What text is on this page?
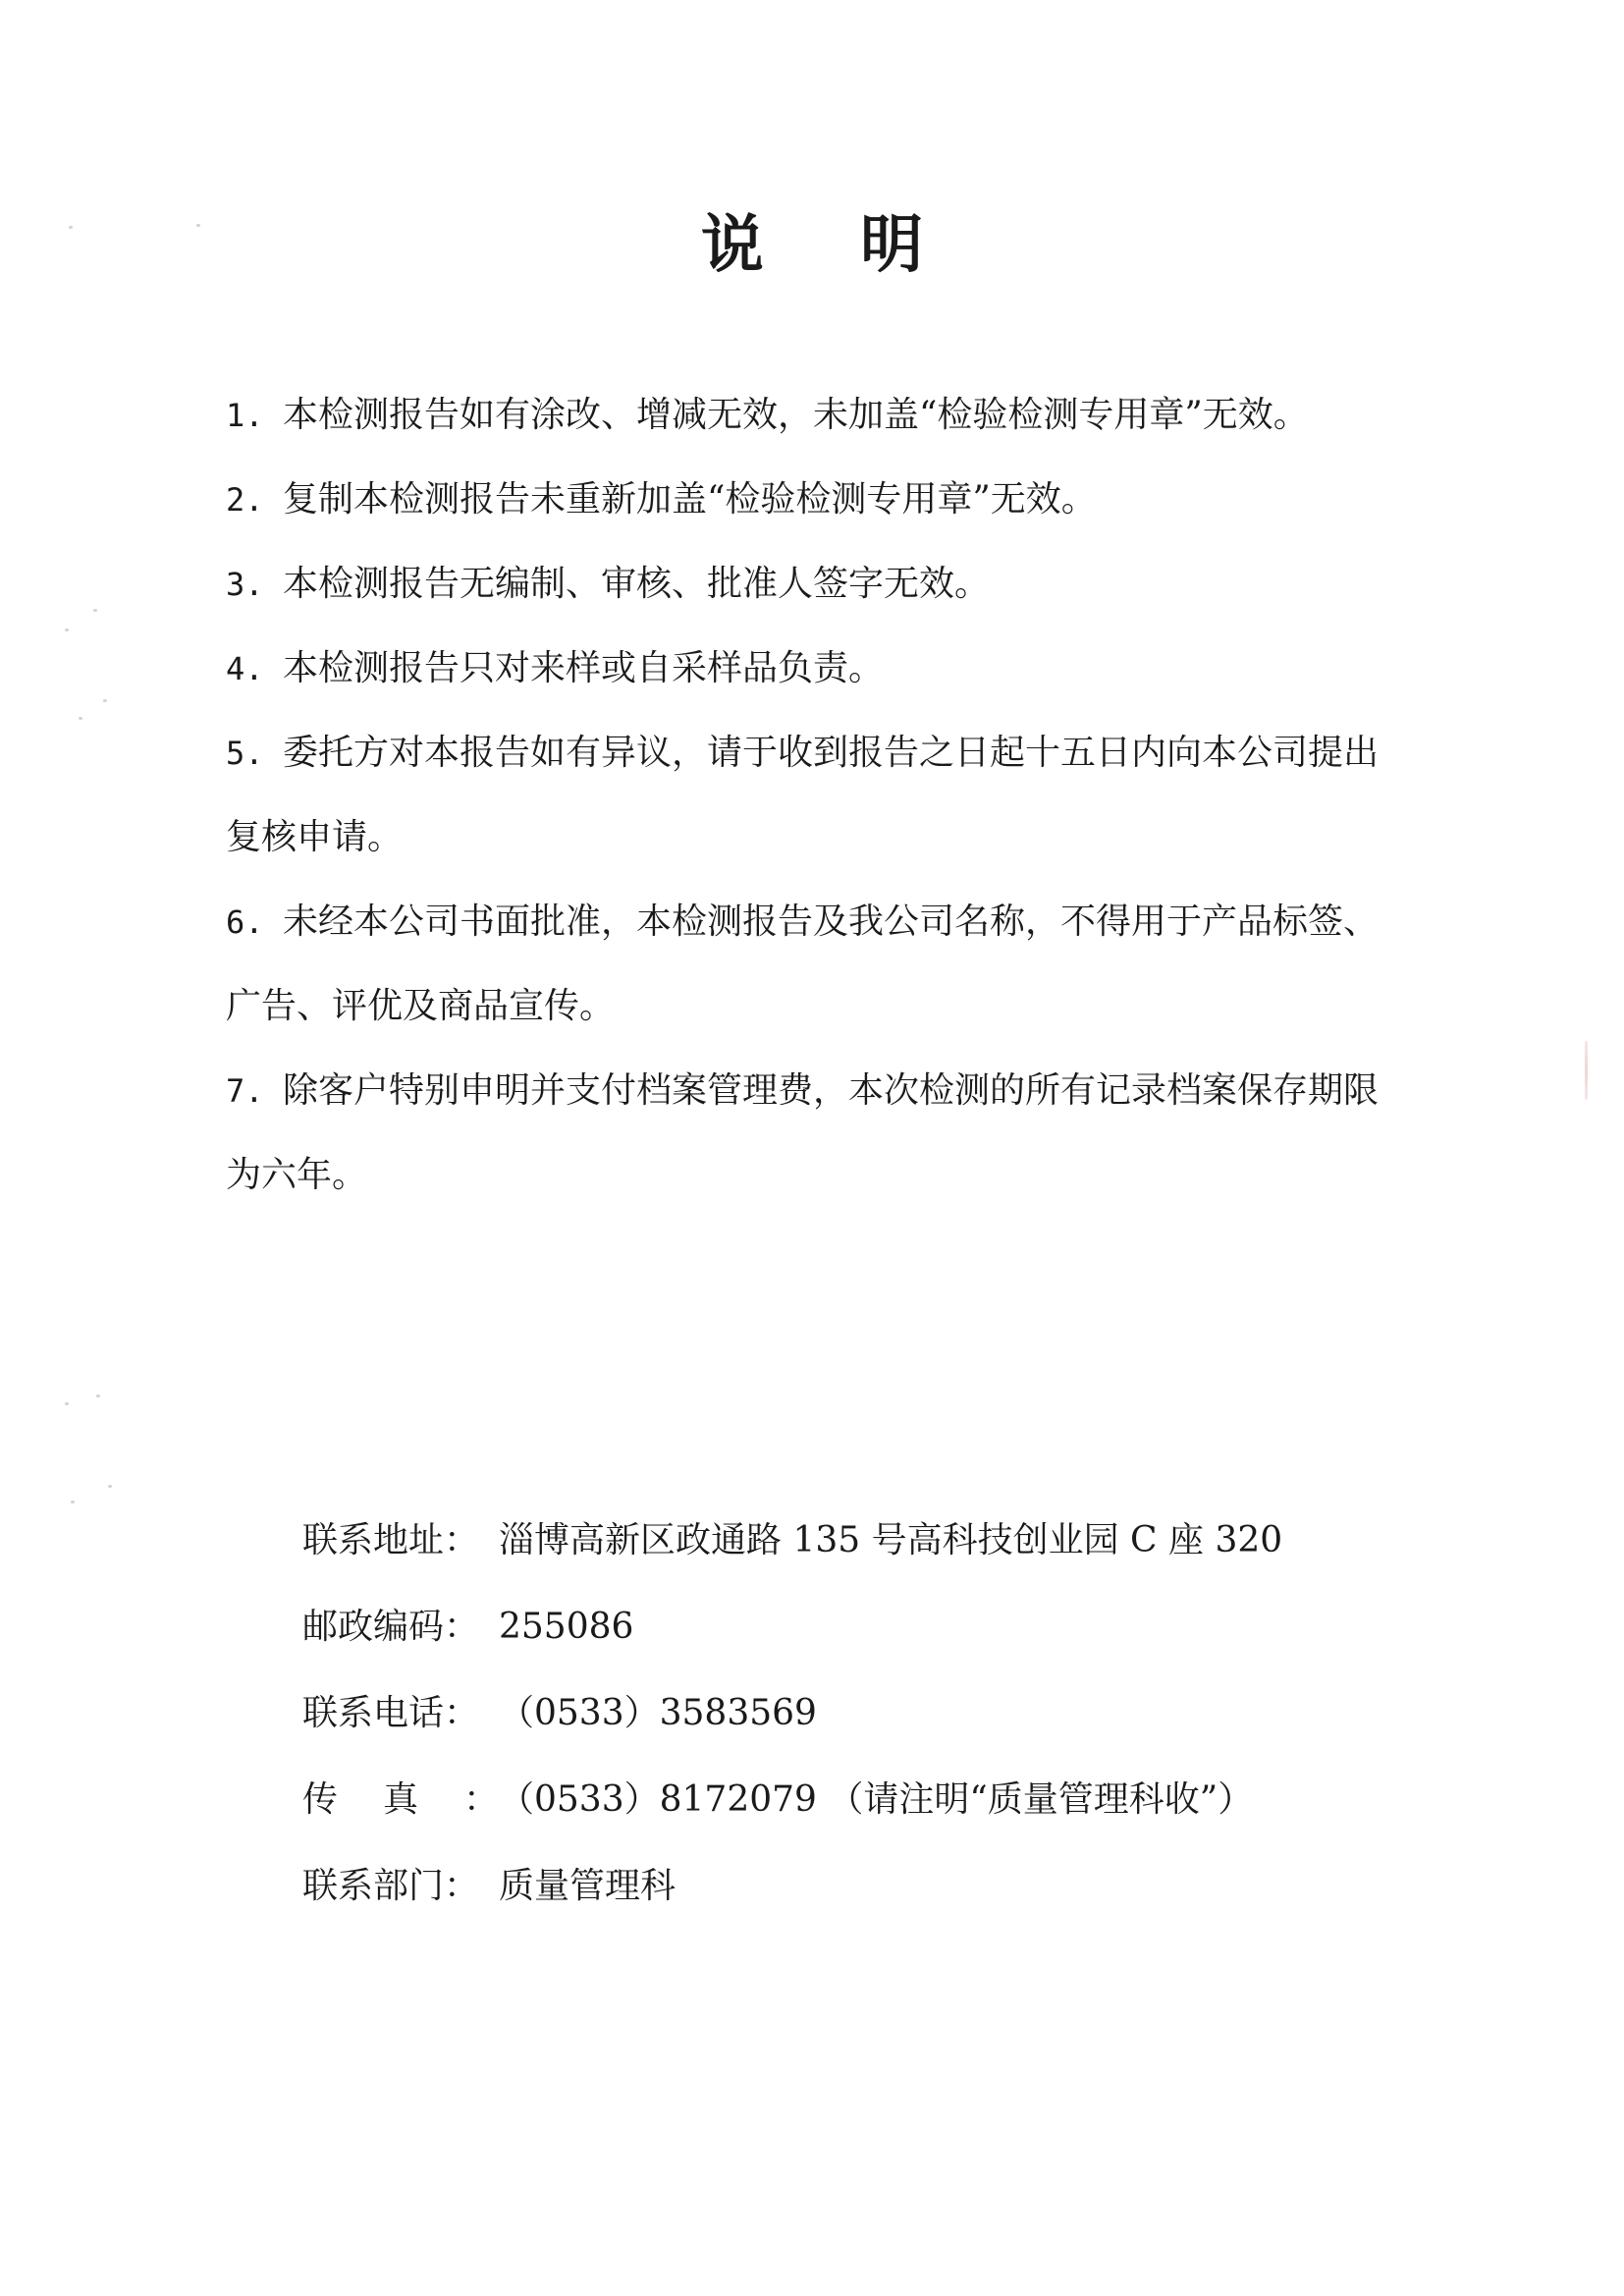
说 明
1. 本检测报告如有涂改、增减无效，未加盖“检验检测专用章”无效。
2. 复制本检测报告未重新加盖“检验检测专用章”无效。
3. 本检测报告无编制、审核、批准人签字无效。
4. 本检测报告只对来样或自采样品负责。
5. 委托方对本报告如有异议，请于收到报告之日起十五日内向本公司提出
复核申请。
6. 未经本公司书面批准，本检测报告及我公司名称，不得用于产品标签、
广告、评优及商品宣传。
7. 除客户特别申明并支付档案管理费，本次检测的所有记录档案保存期限
为六年。
联系地址： 淄博高新区政通路 135 号高科技创业园 C 座 320
邮政编码： 255086
联系电话： （0533）3583569
传真：（0533）8172079 （请注明“质量管理科收”）
联系部门： 质量管理科
